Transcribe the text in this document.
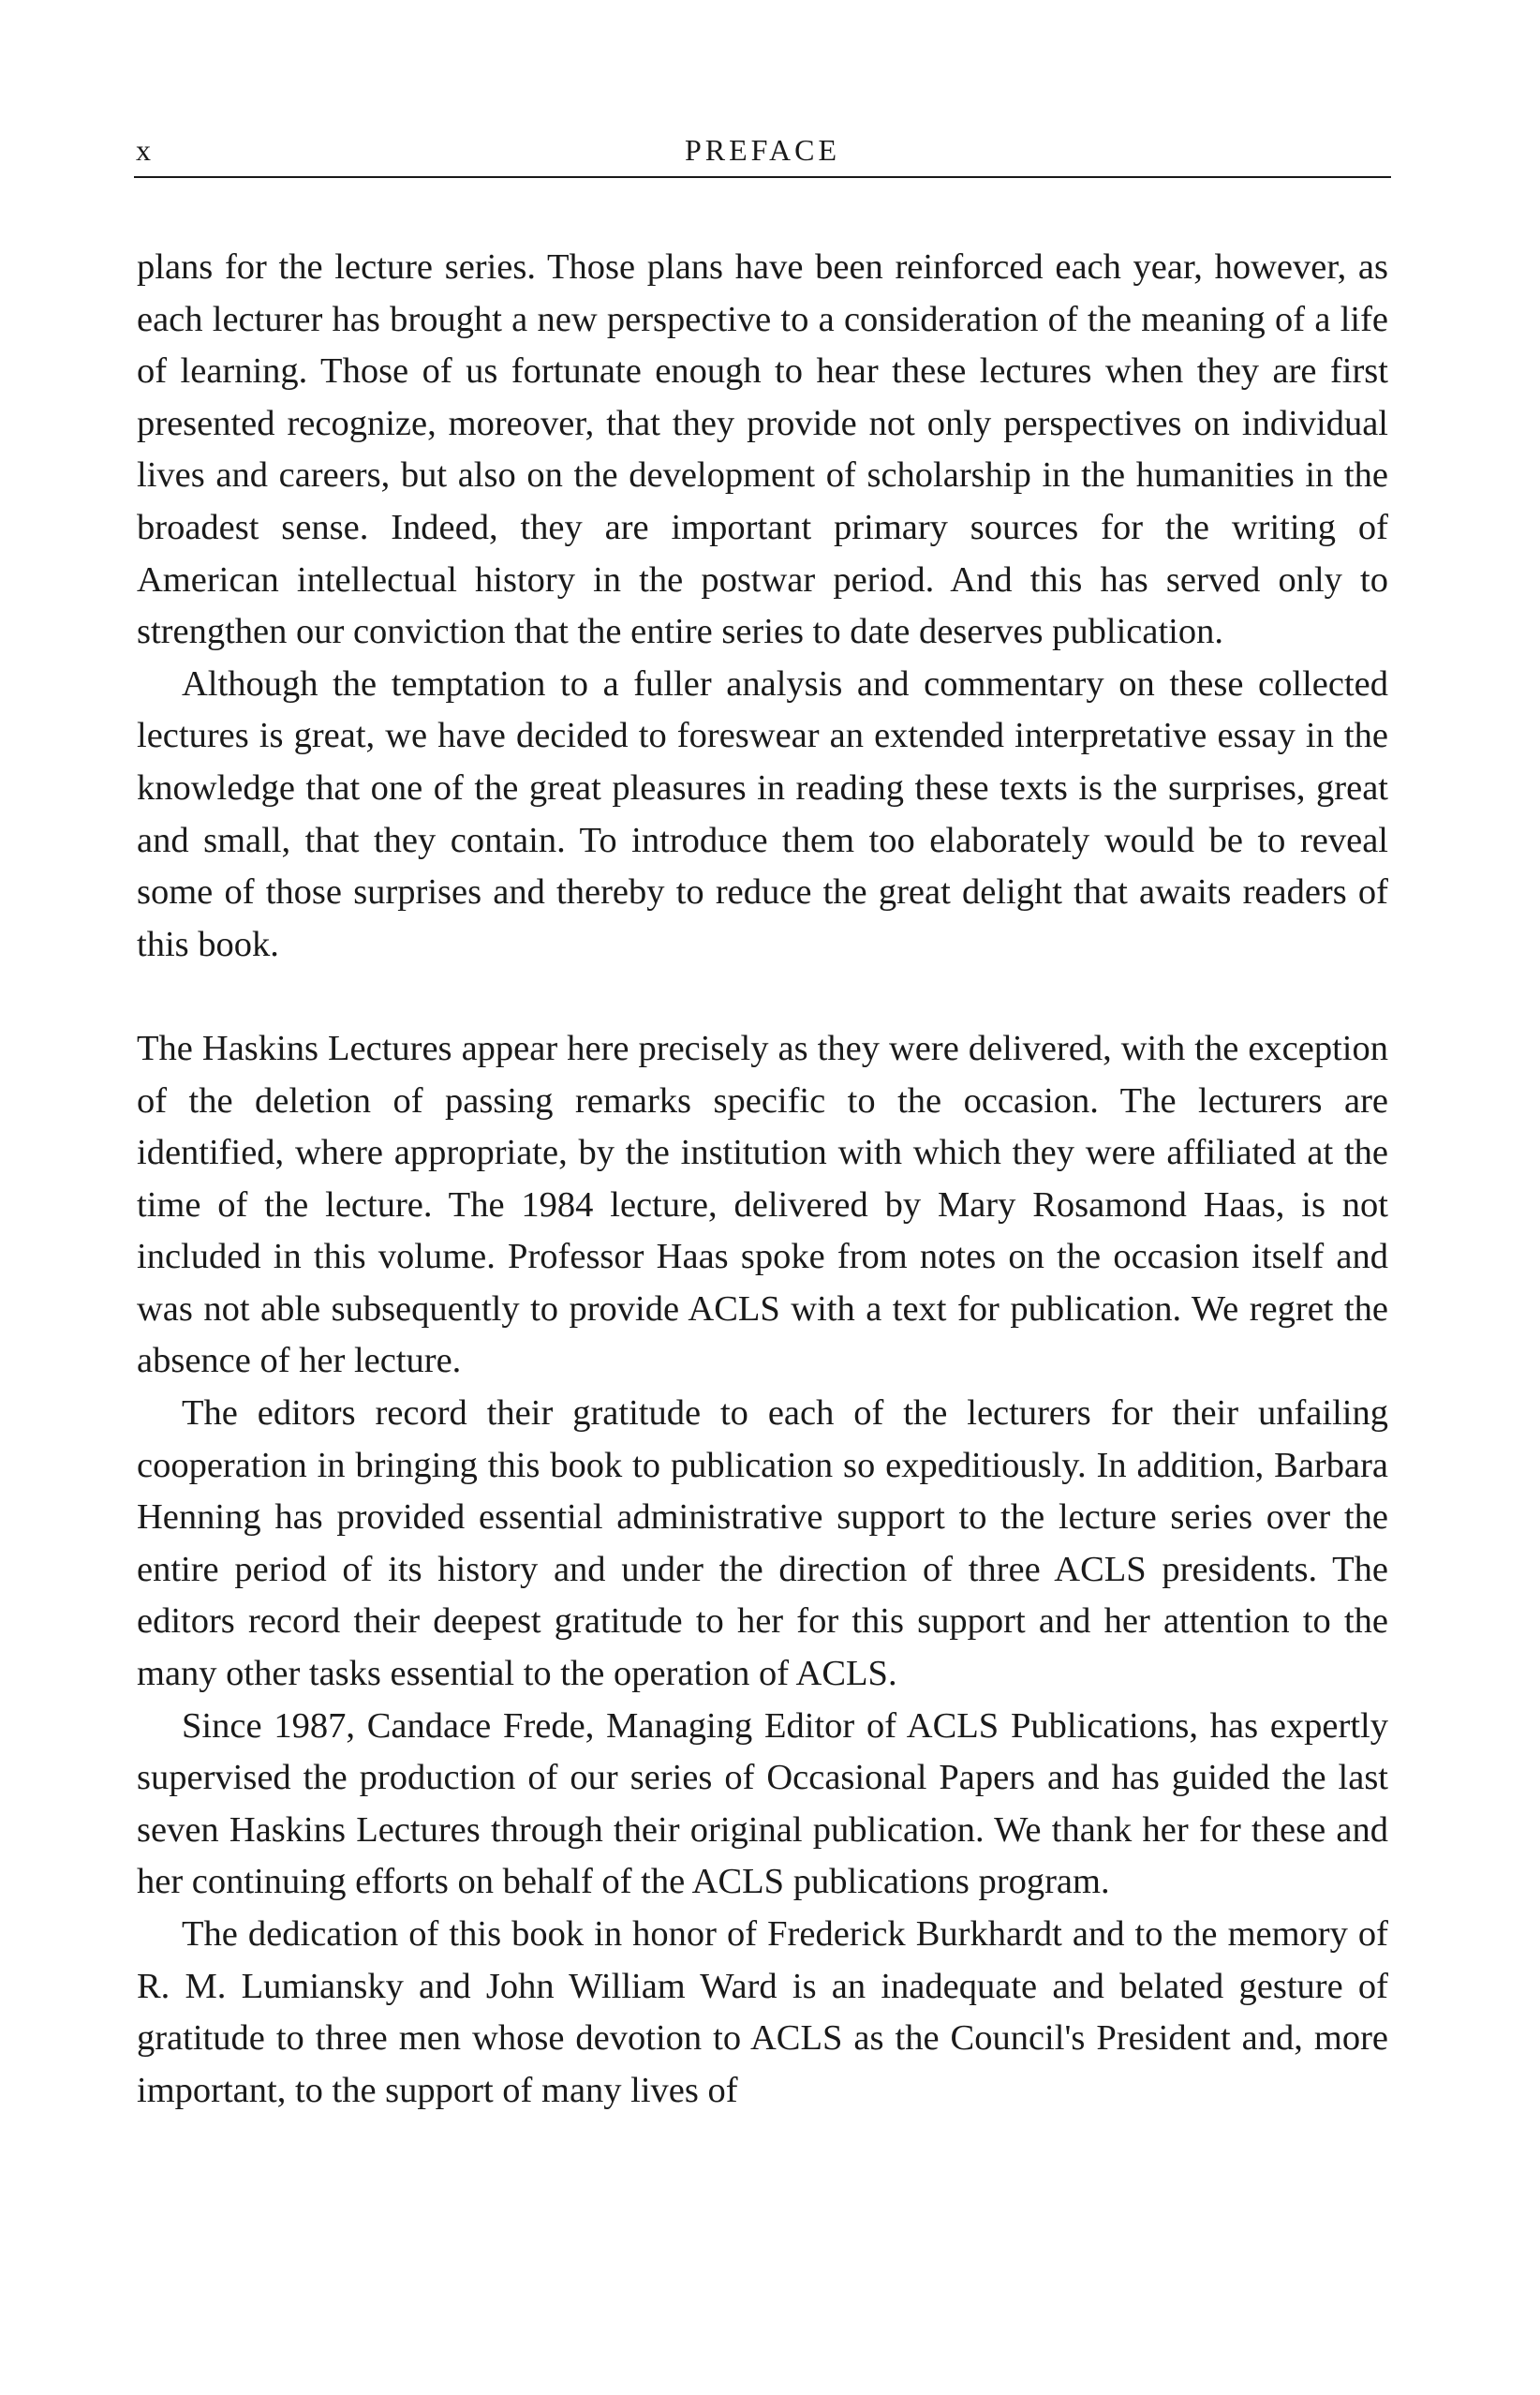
x	PREFACE

plans for the lecture series. Those plans have been reinforced each year, however, as each lecturer has brought a new perspective to a consideration of the meaning of a life of learning. Those of us fortunate enough to hear these lectures when they are first presented recognize, moreover, that they provide not only perspectives on individual lives and careers, but also on the development of scholarship in the humanities in the broadest sense. Indeed, they are important primary sources for the writing of American intellectual history in the postwar period. And this has served only to strengthen our conviction that the entire series to date deserves publication.

Although the temptation to a fuller analysis and commentary on these collected lectures is great, we have decided to foreswear an extended interpretative essay in the knowledge that one of the great pleasures in reading these texts is the surprises, great and small, that they contain. To introduce them too elaborately would be to reveal some of those surprises and thereby to reduce the great delight that awaits readers of this book.

The Haskins Lectures appear here precisely as they were delivered, with the exception of the deletion of passing remarks specific to the occasion. The lecturers are identified, where appropriate, by the institution with which they were affiliated at the time of the lecture. The 1984 lecture, delivered by Mary Rosamond Haas, is not included in this volume. Professor Haas spoke from notes on the occasion itself and was not able subsequently to provide ACLS with a text for publication. We regret the absence of her lecture.

The editors record their gratitude to each of the lecturers for their unfailing cooperation in bringing this book to publication so expeditiously. In addition, Barbara Henning has provided essential administrative support to the lecture series over the entire period of its history and under the direction of three ACLS presidents. The editors record their deepest gratitude to her for this support and her attention to the many other tasks essential to the operation of ACLS.

Since 1987, Candace Frede, Managing Editor of ACLS Publications, has expertly supervised the production of our series of Occasional Papers and has guided the last seven Haskins Lectures through their original publication. We thank her for these and her continuing efforts on behalf of the ACLS publications program.

The dedication of this book in honor of Frederick Burkhardt and to the memory of R. M. Lumiansky and John William Ward is an inadequate and belated gesture of gratitude to three men whose devotion to ACLS as the Council's President and, more important, to the support of many lives of
